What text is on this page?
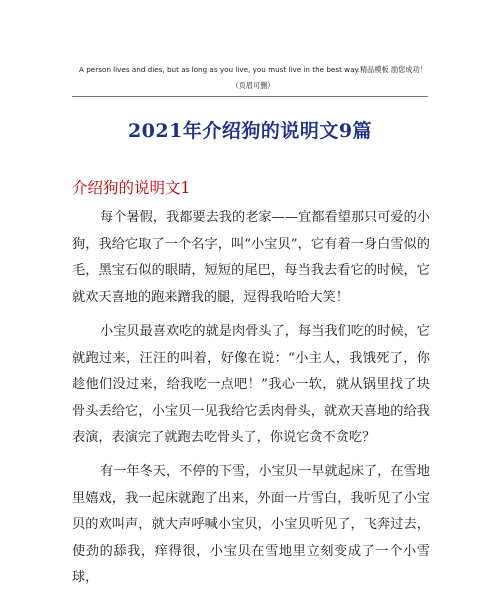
A person lives and dies, but as long as you live, you must live in the best way.精品模板 励您成功！（页眉可删）
2021年介绍狗的说明文9篇
介绍狗的说明文1

每个暑假，我都要去我的老家——宜都看望那只可爱的小狗，我给它取了一个名字，叫“小宝贝”，它有着一身白雪似的毛，黑宝石似的眼睛，短短的尾巴，每当我去看它的时候，它就欢天喜地的跑来蹭我的腿，逗得我哈哈大笑！

小宝贝最喜欢吃的就是肉骨头了，每当我们吃的时候，它就跑过来，汪汪的叫着，好像在说：“小主人，我饿死了，你趁他们没过来，给我吃一点吧！”我心一软，就从锅里找了块骨头丢给它，小宝贝一见我给它丢肉骨头，就欢天喜地的给我表演，表演完了就跑去吃骨头了，你说它贪不贪吃？

有一年冬天，不停的下雪，小宝贝一早就起床了，在雪地里嬉戏，我一起床就跑了出来，外面一片雪白，我听见了小宝贝的欢叫声，就大声呼喊小宝贝，小宝贝听见了，飞奔过去，使劲的舔我，痒得很，小宝贝在雪地里立刻变成了一个小雪球，
